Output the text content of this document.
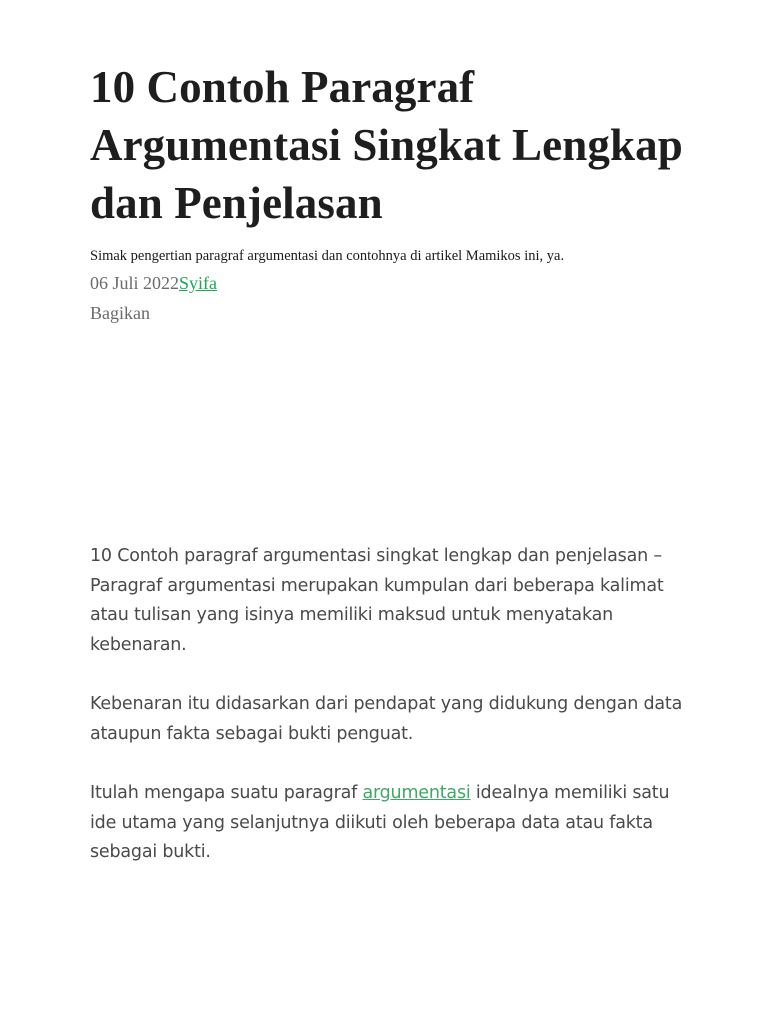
10 Contoh Paragraf Argumentasi Singkat Lengkap dan Penjelasan

Simak pengertian paragraf argumentasi dan contohnya di artikel Mamikos ini, ya.

06 Juli 2022Syifa
Bagikan

10 Contoh paragraf argumentasi singkat lengkap dan penjelasan – Paragraf argumentasi merupakan kumpulan dari beberapa kalimat atau tulisan yang isinya memiliki maksud untuk menyatakan kebenaran.

Kebenaran itu didasarkan dari pendapat yang didukung dengan data ataupun fakta sebagai bukti penguat.

Itulah mengapa suatu paragraf argumentasi idealnya memiliki satu ide utama yang selanjutnya diikuti oleh beberapa data atau fakta sebagai bukti.
